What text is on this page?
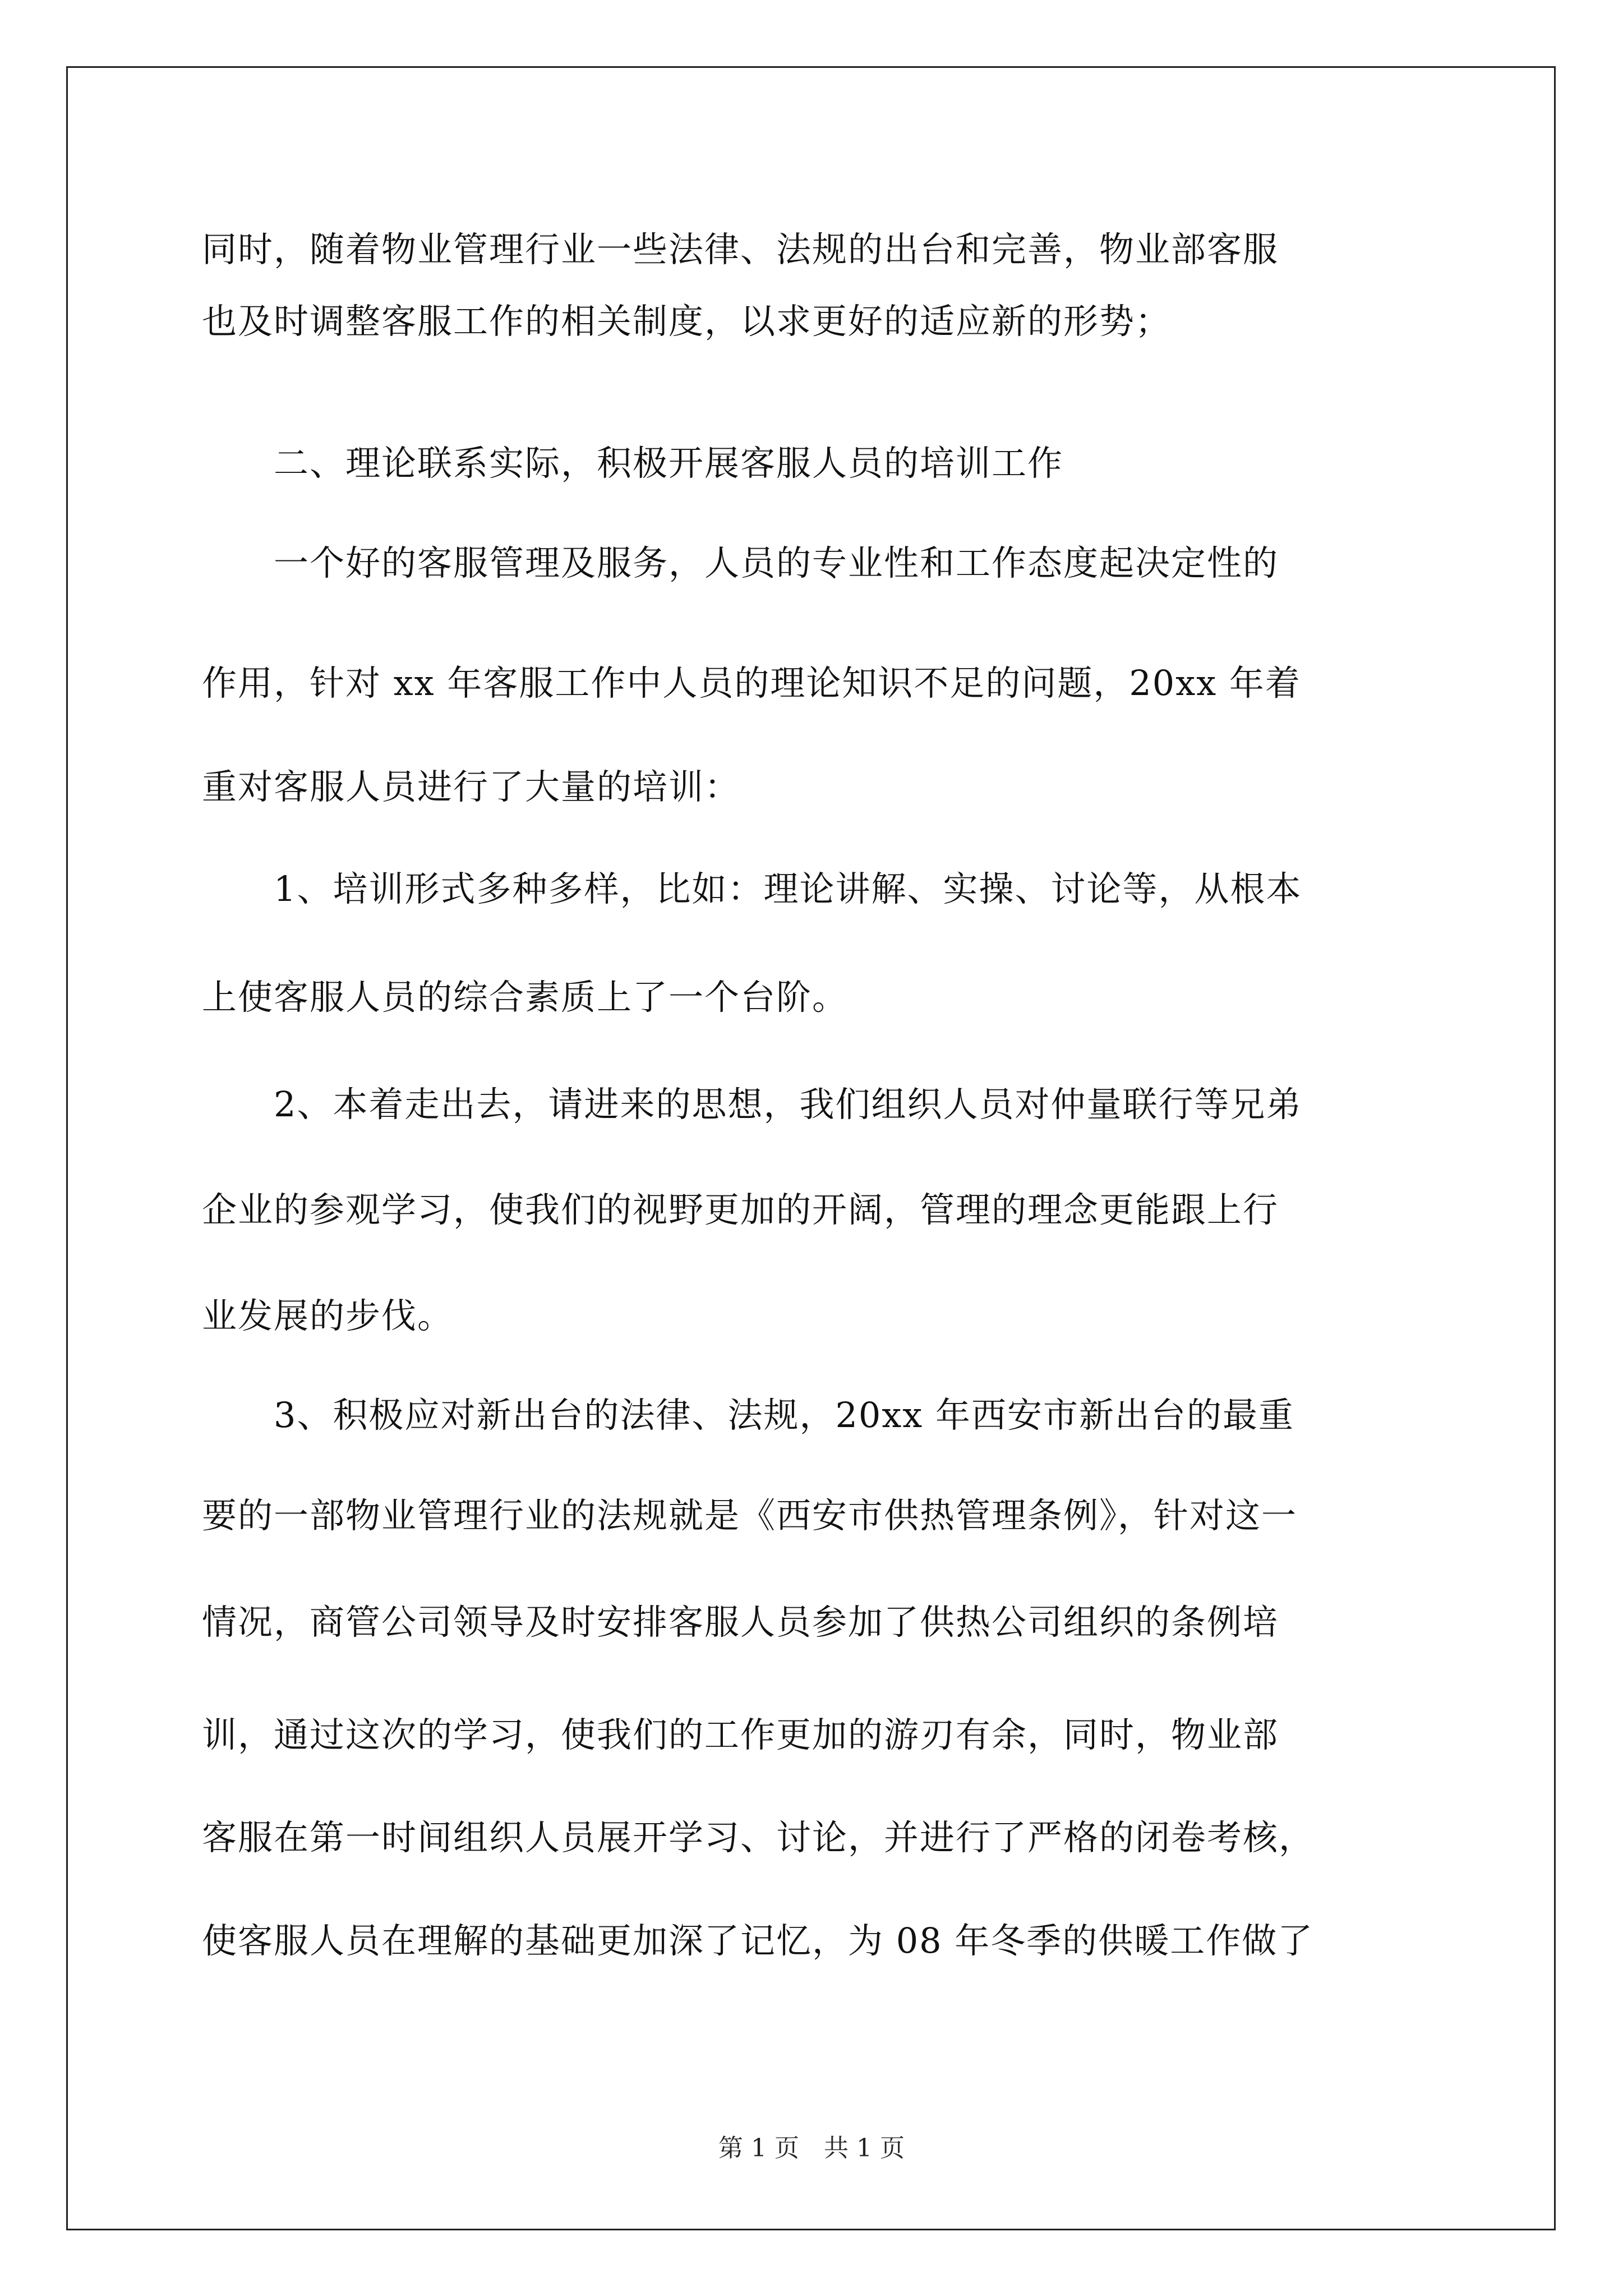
同时，随着物业管理行业一些法律、法规的出台和完善，物业部客服
也及时调整客服工作的相关制度，以求更好的适应新的形势；
　　二、理论联系实际，积极开展客服人员的培训工作
　　一个好的客服管理及服务，人员的专业性和工作态度起决定性的
作用，针对 xx 年客服工作中人员的理论知识不足的问题，20xx 年着
重对客服人员进行了大量的培训：
　　1、培训形式多种多样，比如：理论讲解、实操、讨论等，从根本
上使客服人员的综合素质上了一个台阶。
　　2、本着走出去，请进来的思想，我们组织人员对仲量联行等兄弟
企业的参观学习，使我们的视野更加的开阔，管理的理念更能跟上行
业发展的步伐。
　　3、积极应对新出台的法律、法规，20xx 年西安市新出台的最重
要的一部物业管理行业的法规就是《西安市供热管理条例》，针对这一
情况，商管公司领导及时安排客服人员参加了供热公司组织的条例培
训，通过这次的学习，使我们的工作更加的游刃有余，同时，物业部
客服在第一时间组织人员展开学习、讨论，并进行了严格的闭卷考核，
使客服人员在理解的基础更加深了记忆，为 08 年冬季的供暖工作做了
第 1 页　共 1 页
